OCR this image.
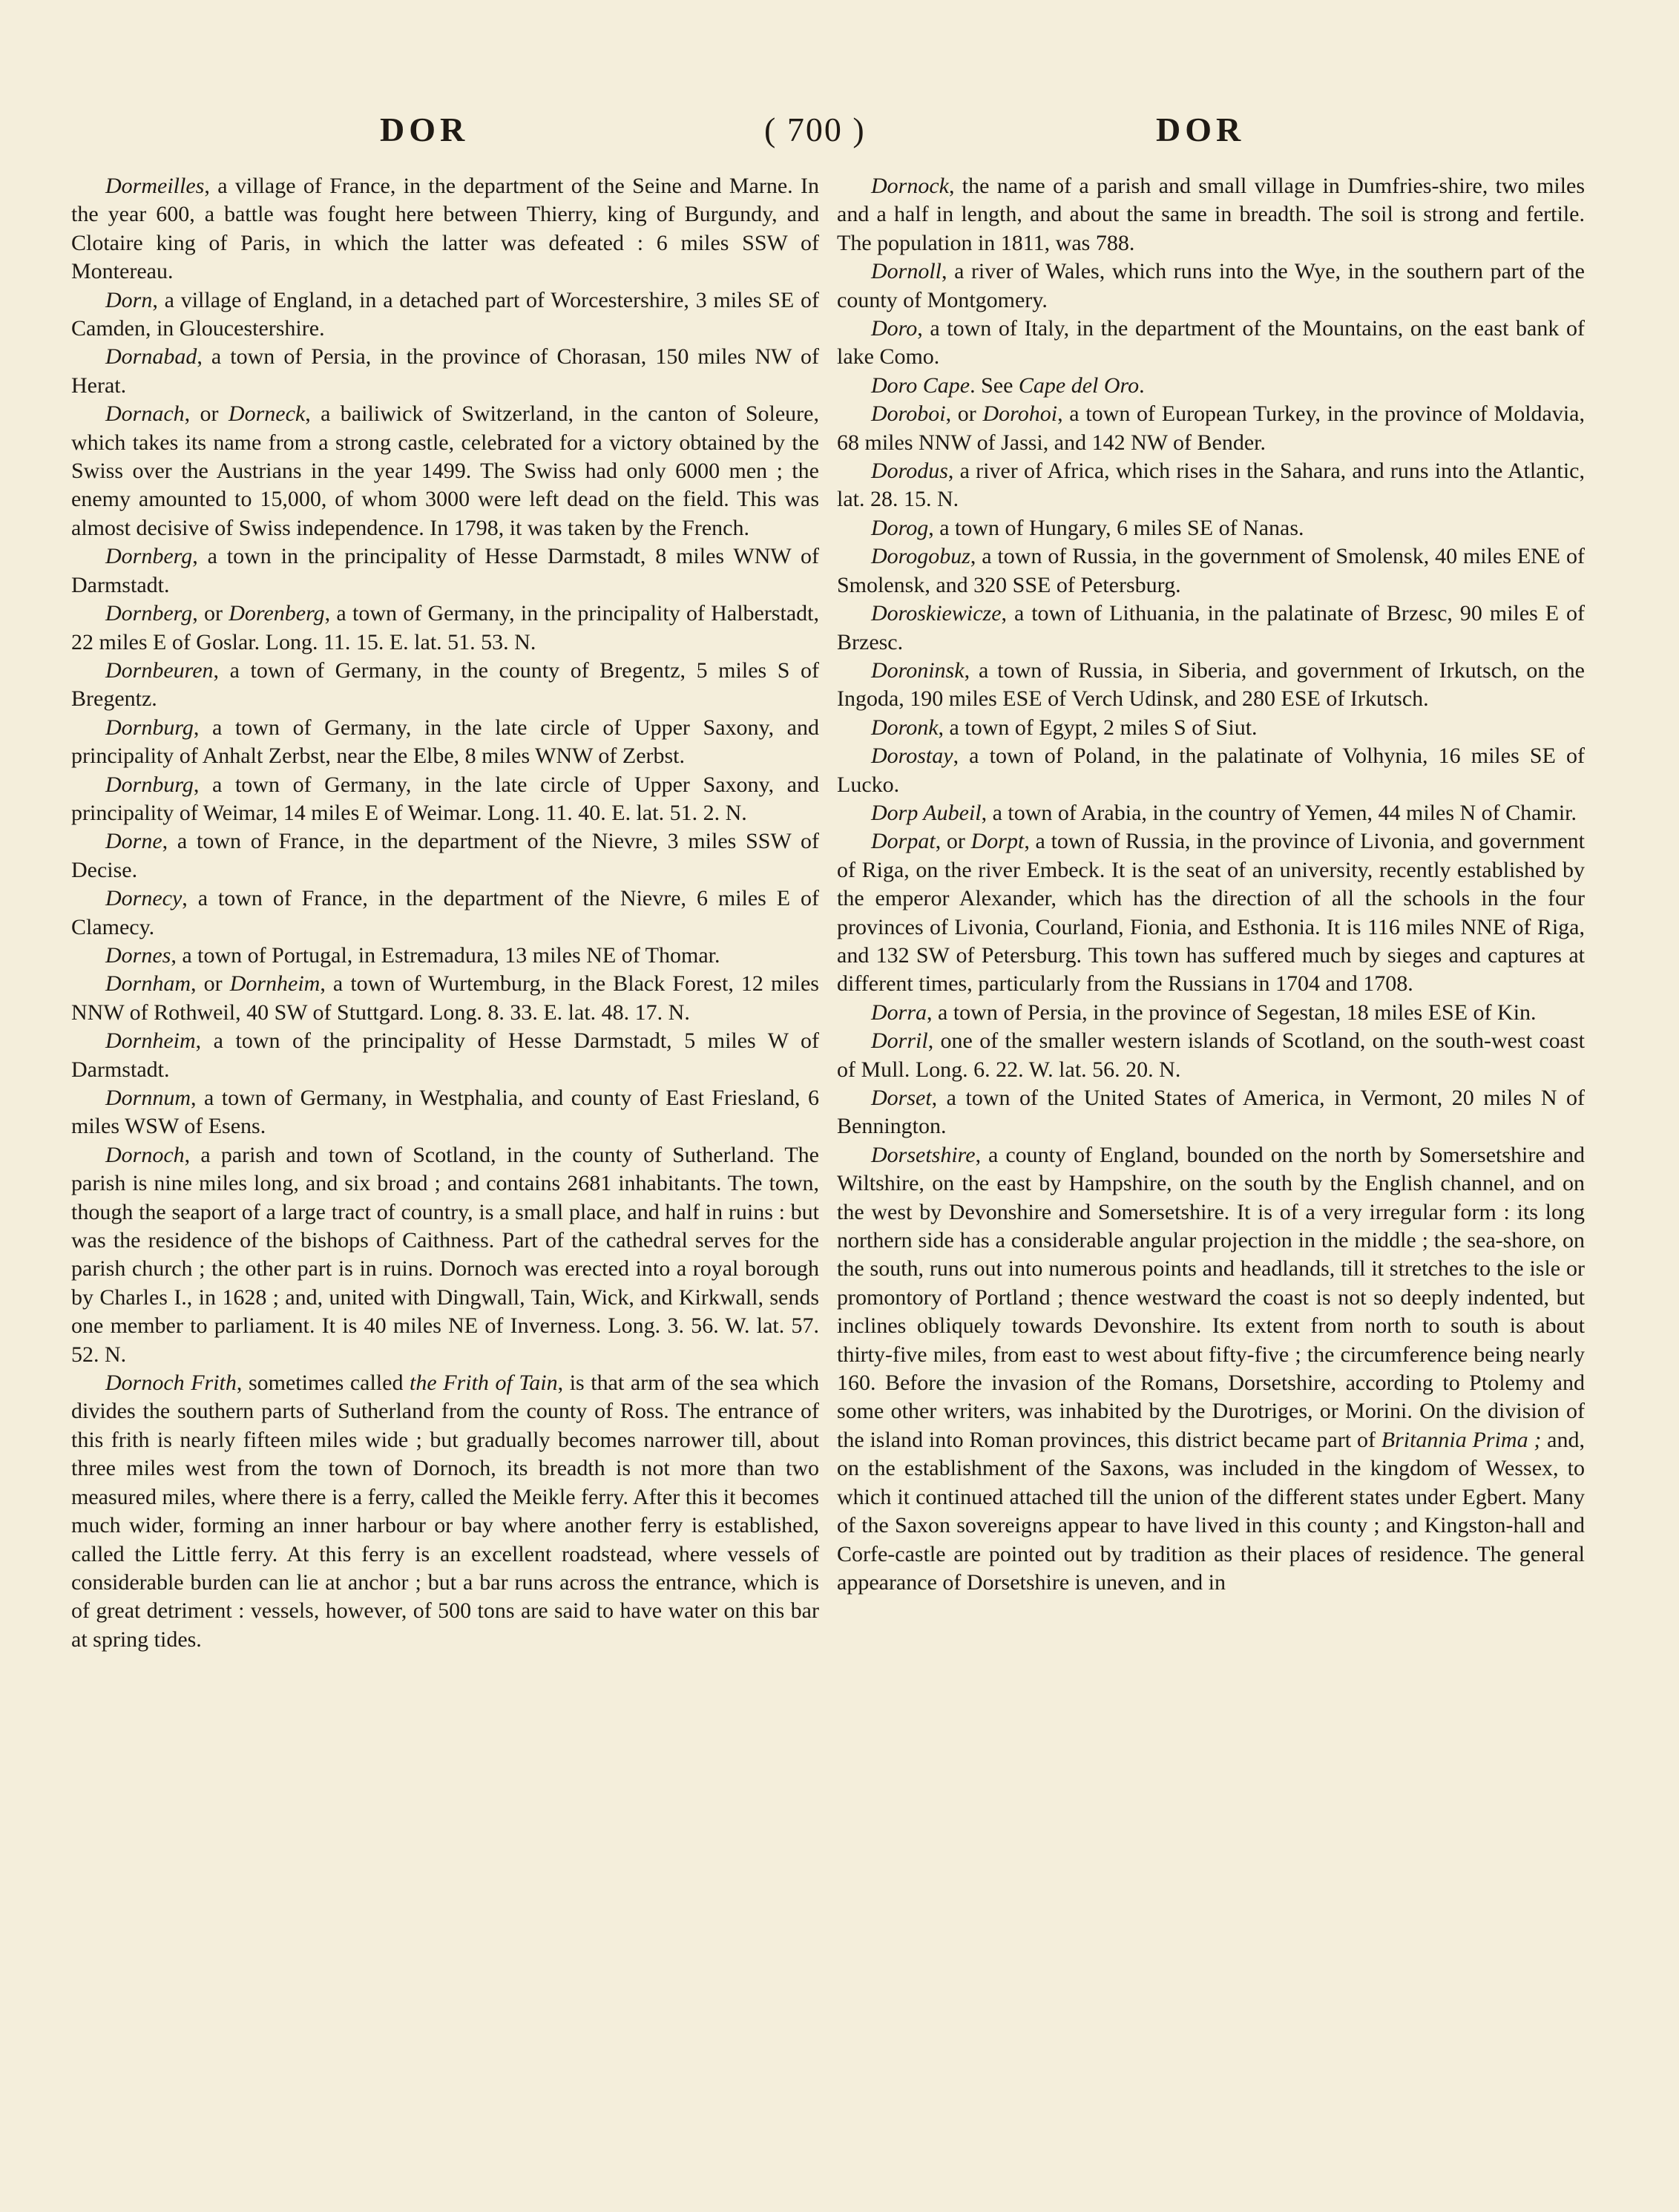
DOR	( 700 )	DOR

Dormeilles, a village of France, in the department of the Seine and Marne. In the year 600, a battle was fought here between Thierry, king of Burgundy, and Clotaire king of Paris, in which the latter was defeated : 6 miles SSW of Montereau.

Dorn, a village of England, in a detached part of Worcestershire, 3 miles SE of Camden, in Gloucestershire.

Dornabad, a town of Persia, in the province of Chorasan, 150 miles NW of Herat.

Dornach, or Dorneck, a bailiwick of Switzerland, in the canton of Soleure, which takes its name from a strong castle, celebrated for a victory obtained by the Swiss over the Austrians in the year 1499. The Swiss had only 6000 men ; the enemy amounted to 15,000, of whom 3000 were left dead on the field. This was almost decisive of Swiss independence. In 1798, it was taken by the French.

Dornberg, a town in the principality of Hesse Darmstadt, 8 miles WNW of Darmstadt.

Dornberg, or Dorenberg, a town of Germany, in the principality of Halberstadt, 22 miles E of Goslar. Long. 11. 15. E. lat. 51. 53. N.

Dornbeuren, a town of Germany, in the county of Bregentz, 5 miles S of Bregentz.

Dornburg, a town of Germany, in the late circle of Upper Saxony, and principality of Anhalt Zerbst, near the Elbe, 8 miles WNW of Zerbst.

Dornburg, a town of Germany, in the late circle of Upper Saxony, and principality of Weimar, 14 miles E of Weimar. Long. 11. 40. E. lat. 51. 2. N.

Dorne, a town of France, in the department of the Nievre, 3 miles SSW of Decise.

Dornecy, a town of France, in the department of the Nievre, 6 miles E of Clamecy.

Dornes, a town of Portugal, in Estremadura, 13 miles NE of Thomar.

Dornham, or Dornheim, a town of Wurtemburg, in the Black Forest, 12 miles NNW of Rothweil, 40 SW of Stuttgard. Long. 8. 33. E. lat. 48. 17. N.

Dornheim, a town of the principality of Hesse Darmstadt, 5 miles W of Darmstadt.

Dornnum, a town of Germany, in Westphalia, and county of East Friesland, 6 miles WSW of Esens.

Dornoch, a parish and town of Scotland, in the county of Sutherland. The parish is nine miles long, and six broad ; and contains 2681 inhabitants. The town, though the seaport of a large tract of country, is a small place, and half in ruins : but was the residence of the bishops of Caithness. Part of the cathedral serves for the parish church ; the other part is in ruins. Dornoch was erected into a royal borough by Charles I., in 1628 ; and, united with Dingwall, Tain, Wick, and Kirkwall, sends one member to parliament. It is 40 miles NE of Inverness. Long. 3. 56. W. lat. 57. 52. N.

Dornoch Frith, sometimes called the Frith of Tain, is that arm of the sea which divides the southern parts of Sutherland from the county of Ross. The entrance of this frith is nearly fifteen miles wide ; but gradually becomes narrower till, about three miles west from the town of Dornoch, its breadth is not more than two measured miles, where there is a ferry, called the Meikle ferry. After this it becomes much wider, forming an inner harbour or bay where another ferry is established, called the Little ferry. At this ferry is an excellent roadstead, where vessels of considerable burden can lie at anchor ; but a bar runs across the entrance, which is of great detriment : vessels, however, of 500 tons are said to have water on this bar at spring tides.

Dornock, the name of a parish and small village in Dumfries-shire, two miles and a half in length, and about the same in breadth. The soil is strong and fertile. The population in 1811, was 788.

Dornoll, a river of Wales, which runs into the Wye, in the southern part of the county of Montgomery.

Doro, a town of Italy, in the department of the Mountains, on the east bank of lake Como.

Doro Cape. See Cape del Oro.

Doroboi, or Dorohoi, a town of European Turkey, in the province of Moldavia, 68 miles NNW of Jassi, and 142 NW of Bender.

Dorodus, a river of Africa, which rises in the Sahara, and runs into the Atlantic, lat. 28. 15. N.

Dorog, a town of Hungary, 6 miles SE of Nanas.

Dorogobuz, a town of Russia, in the government of Smolensk, 40 miles ENE of Smolensk, and 320 SSE of Petersburg.

Doroskiewicze, a town of Lithuania, in the palatinate of Brzesc, 90 miles E of Brzesc.

Doroninsk, a town of Russia, in Siberia, and government of Irkutsch, on the Ingoda, 190 miles ESE of Verch Udinsk, and 280 ESE of Irkutsch.

Doronk, a town of Egypt, 2 miles S of Siut.

Dorostay, a town of Poland, in the palatinate of Volhynia, 16 miles SE of Lucko.

Dorp Aubeil, a town of Arabia, in the country of Yemen, 44 miles N of Chamir.

Dorpat, or Dorpt, a town of Russia, in the province of Livonia, and government of Riga, on the river Embeck. It is the seat of an university, recently established by the emperor Alexander, which has the direction of all the schools in the four provinces of Livonia, Courland, Fionia, and Esthonia. It is 116 miles NNE of Riga, and 132 SW of Petersburg. This town has suffered much by sieges and captures at different times, particularly from the Russians in 1704 and 1708.

Dorra, a town of Persia, in the province of Segestan, 18 miles ESE of Kin.

Dorril, one of the smaller western islands of Scotland, on the south-west coast of Mull. Long. 6. 22. W. lat. 56. 20. N.

Dorset, a town of the United States of America, in Vermont, 20 miles N of Bennington.

Dorsetshire, a county of England, bounded on the north by Somersetshire and Wiltshire, on the east by Hampshire, on the south by the English channel, and on the west by Devonshire and Somersetshire. It is of a very irregular form : its long northern side has a considerable angular projection in the middle ; the sea-shore, on the south, runs out into numerous points and headlands, till it stretches to the isle or promontory of Portland ; thence westward the coast is not so deeply indented, but inclines obliquely towards Devonshire. Its extent from north to south is about thirty-five miles, from east to west about fifty-five ; the circumference being nearly 160. Before the invasion of the Romans, Dorsetshire, according to Ptolemy and some other writers, was inhabited by the Durotriges, or Morini. On the division of the island into Roman provinces, this district became part of Britannia Prima ; and, on the establishment of the Saxons, was included in the kingdom of Wessex, to which it continued attached till the union of the different states under Egbert. Many of the Saxon sovereigns appear to have lived in this county ; and Kingston-hall and Corfe-castle are pointed out by tradition as their places of residence. The general appearance of Dorsetshire is uneven, and in
